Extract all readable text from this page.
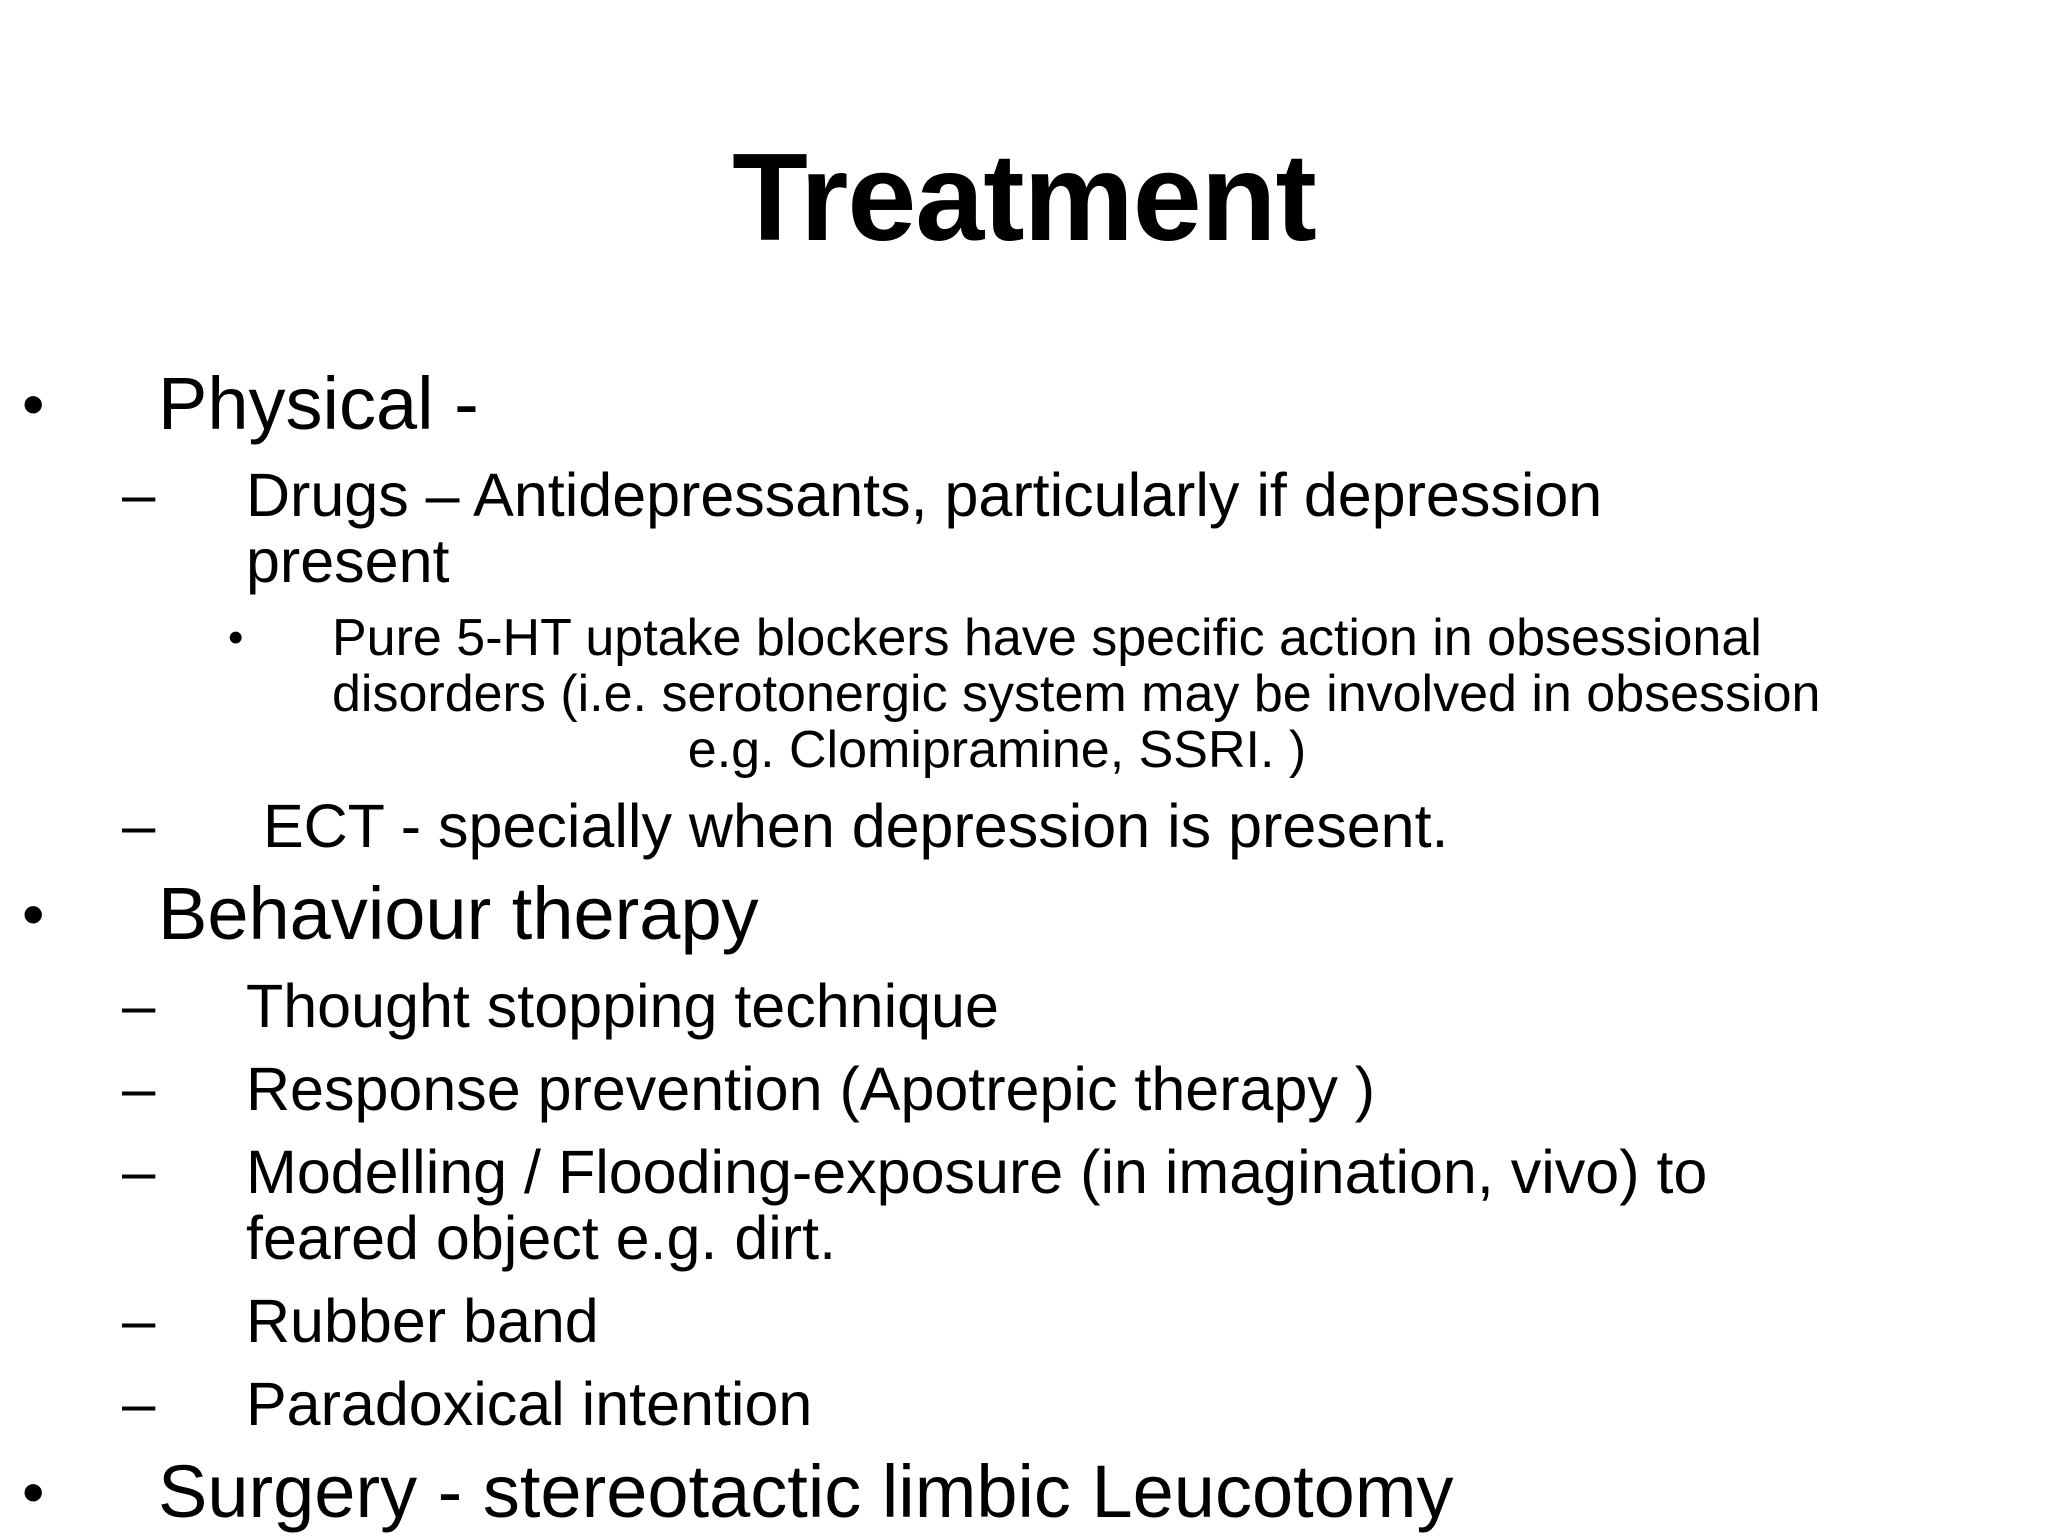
Treatment
• Physical -
– Drugs – Antidepressants, particularly if depression
present
• Pure 5-HT uptake blockers have specific action in obsessional
disorders (i.e. serotonergic system may be involved in obsession
e.g. Clomipramine, SSRI. )
– ECT - specially when depression is present.
• Behaviour therapy
– Thought stopping technique
– Response prevention (Apotrepic therapy )
– Modelling / Flooding-exposure (in imagination, vivo) to
feared object e.g. dirt.
– Rubber band
– Paradoxical intention
• Surgery - stereotactic limbic Leucotomy
